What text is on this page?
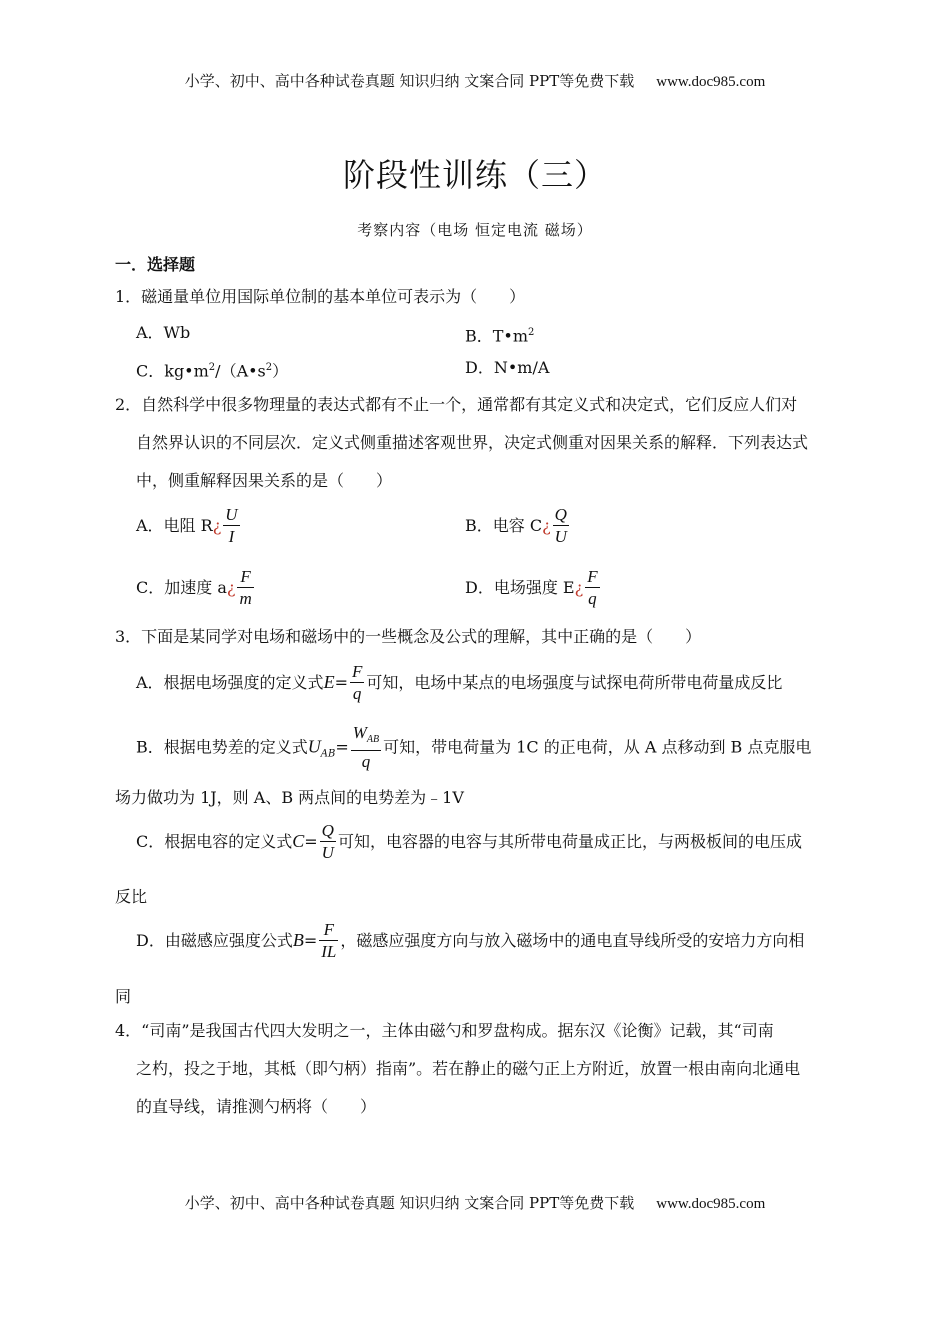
小学、初中、高中各种试卷真题 知识归纳 文案合同 PPT等免费下载 www.doc985.com
阶段性训练（三）
考察内容（电场 恒定电流 磁场）
一．选择题
1．磁通量单位用国际单位制的基本单位可表示为（　　）
A．Wb	B．$T•m^2$
C．$kg•m^2/(A•s^2)$	D．N•m/A
2．自然科学中很多物理量的表达式都有不止一个，通常都有其定义式和决定式，它们反应人们对
自然界认识的不同层次．定义式侧重描述客观世界，决定式侧重对因果关系的解释．下列表达式
中，侧重解释因果关系的是（　　）
A．电阻 R¿ $\frac{U}{I}$	B．电容 C¿ $\frac{Q}{U}$
C．加速度 a¿ $\frac{F}{m}$	D．电场强度 E¿ $\frac{F}{q}$
3．下面是某同学对电场和磁场中的一些概念及公式的理解，其中正确的是（　　）
A．根据电场强度的定义式$E= \frac{F}{q}$ 可知，电场中某点的电场强度与试探电荷所带电荷量成反比
B．根据电势差的定义式$U_{AB}= \frac{W_{AB}}{q}$ 可知，带电荷量为 1C 的正电荷，从 A 点移动到 B 点克服电
场力做功为 1J，则 A、B 两点间的电势差为﹣1V
C．根据电容的定义式$C= \frac{Q}{U}$ 可知，电容器的电容与其所带电荷量成正比，与两极板间的电压成
反比
D．由磁感应强度公式$B= \frac{F}{IL}$ ，磁感应强度方向与放入磁场中的通电直导线所受的安培力方向相
同
4．“司南”是我国古代四大发明之一，主体由磁勺和罗盘构成。据东汉《论衡》记载，其“司南
之杓，投之于地，其柢（即勺柄）指南”。若在静止的磁勺正上方附近，放置一根由南向北通电
的直导线，请推测勺柄将（　　）
小学、初中、高中各种试卷真题 知识归纳 文案合同 PPT等免费下载 www.doc985.com
